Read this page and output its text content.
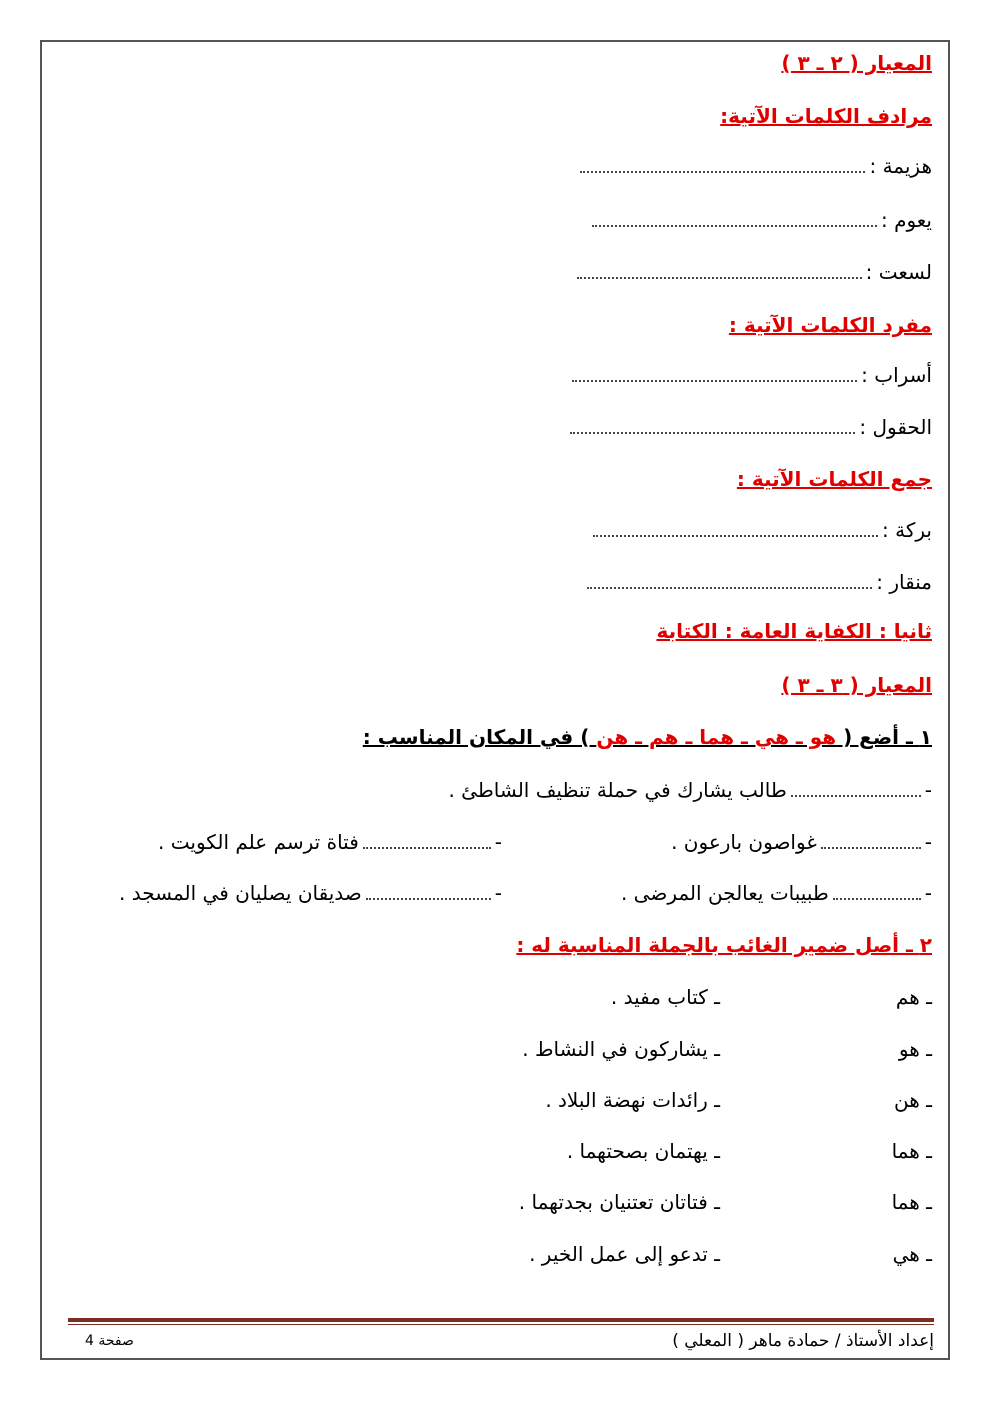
المعيار ( ٢ ـ ٣ )
مرادف الكلمات الآتية:
هزيمة :
يعوم :
لسعت :
مفرد الكلمات الآتية :
أسراب :
الحقول :
جمع الكلمات الآتية :
بركة :
منقار :
ثانيا : الكفاية العامة : الكتابة
المعيار ( ٣ ـ ٣ )
١ ـ أضع ( هو ـ هي ـ هما ـ هم ـ هن ) في المكان المناسب :
-طالب يشارك في حملة تنظيف الشاطئ .
-غواصون بارعون .
-فتاة ترسم علم الكويت .
-طبيبات يعالجن المرضى .
-صديقان يصليان في المسجد .
٢ ـ أصل ضمير الغائب بالجملة المناسبة له :
ـ هم
ـ كتاب مفيد .
ـ هو
ـ يشاركون في النشاط .
ـ هن
ـ رائدات نهضة البلاد .
ـ هما
ـ يهتمان بصحتهما .
ـ هما
ـ فتاتان تعتنيان بجدتهما .
ـ هي
ـ تدعو إلى عمل الخير .
إعداد الأستاذ / حمادة ماهر ( المعلي )
صفحة 4
